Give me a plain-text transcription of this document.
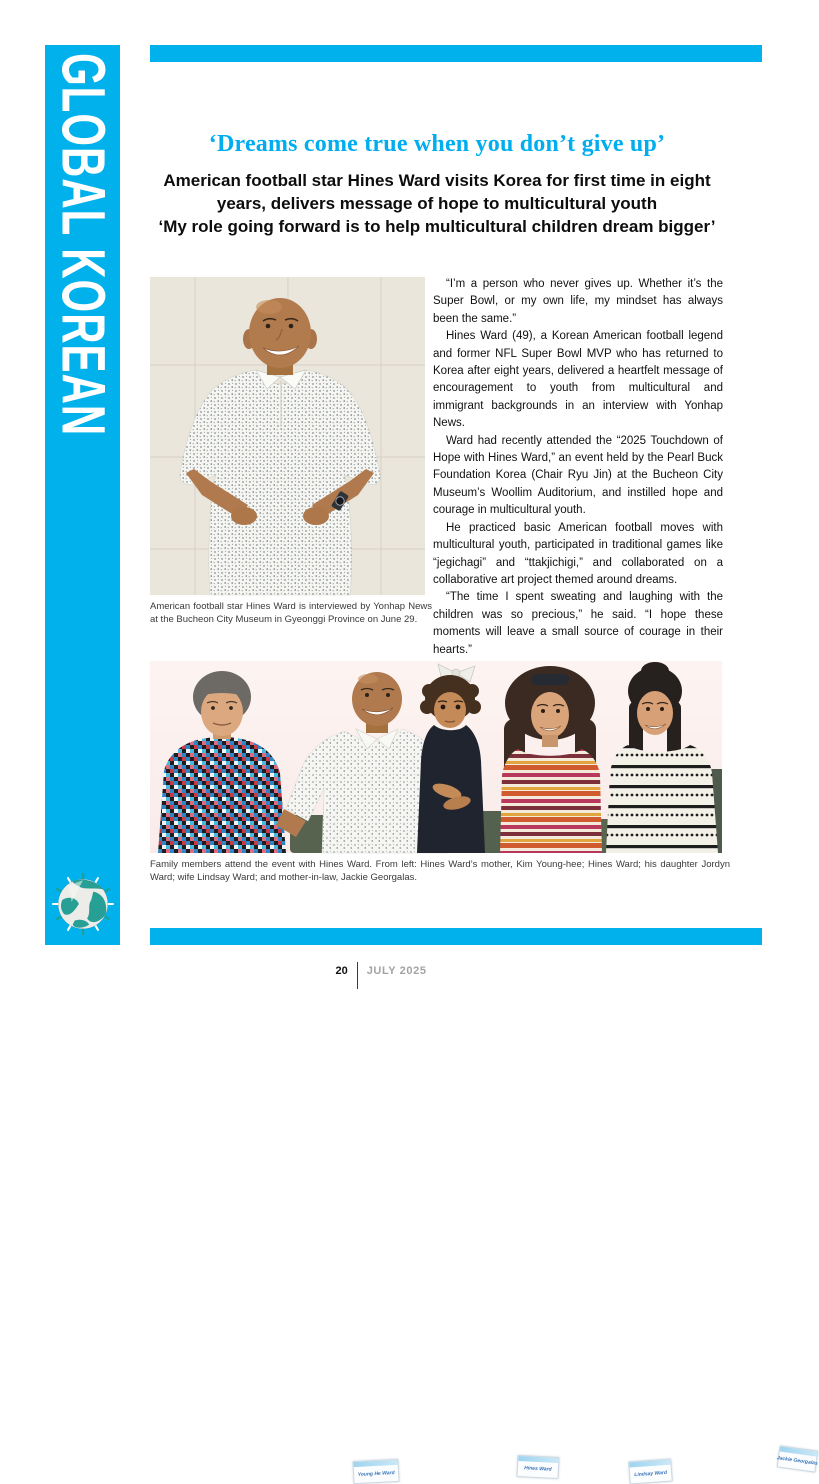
GLOBAL KOREAN	‘Dreams come true when you don’t give up’

American football star Hines Ward visits Korea for first time in eight years, delivers message of hope to multicultural youth

‘My role going forward is to help multicultural children dream bigger’

American football star Hines Ward is interviewed by Yonhap News at the Bucheon City Museum in Gyeonggi Province on June 29.

“I’m a person who never gives up. Whether it’s the Super Bowl, or my own life, my mindset has always been the same.”

Hines Ward (49), a Korean American football legend and former NFL Super Bowl MVP who has returned to Korea after eight years, delivered a heartfelt message of encouragement to youth from multicultural and immigrant backgrounds in an interview with Yonhap News.

Ward had recently attended the “2025 Touchdown of Hope with Hines Ward,” an event held by the Pearl Buck Foundation Korea (Chair Ryu Jin) at the Bucheon City Museum’s Woollim Auditorium, and instilled hope and courage in multicultural youth.

He practiced basic American football moves with multicultural youth, participated in traditional games like “jegichagi” and “ttakjichigi,” and collaborated on a collaborative art project themed around dreams.

“The time I spent sweating and laughing with the children was so precious,” he said. “I hope these moments will leave a small source of courage in their hearts.”

Young He Ward
Hines Ward
Lindsay Ward
Jackie Georgalas
Family members attend the event with Hines Ward. From left: Hines Ward’s mother, Kim Young-hee; Hines Ward; his daughter Jordyn Ward; wife Lindsay Ward; and mother-in-law, Jackie Georgalas.
20 JULY 2025
